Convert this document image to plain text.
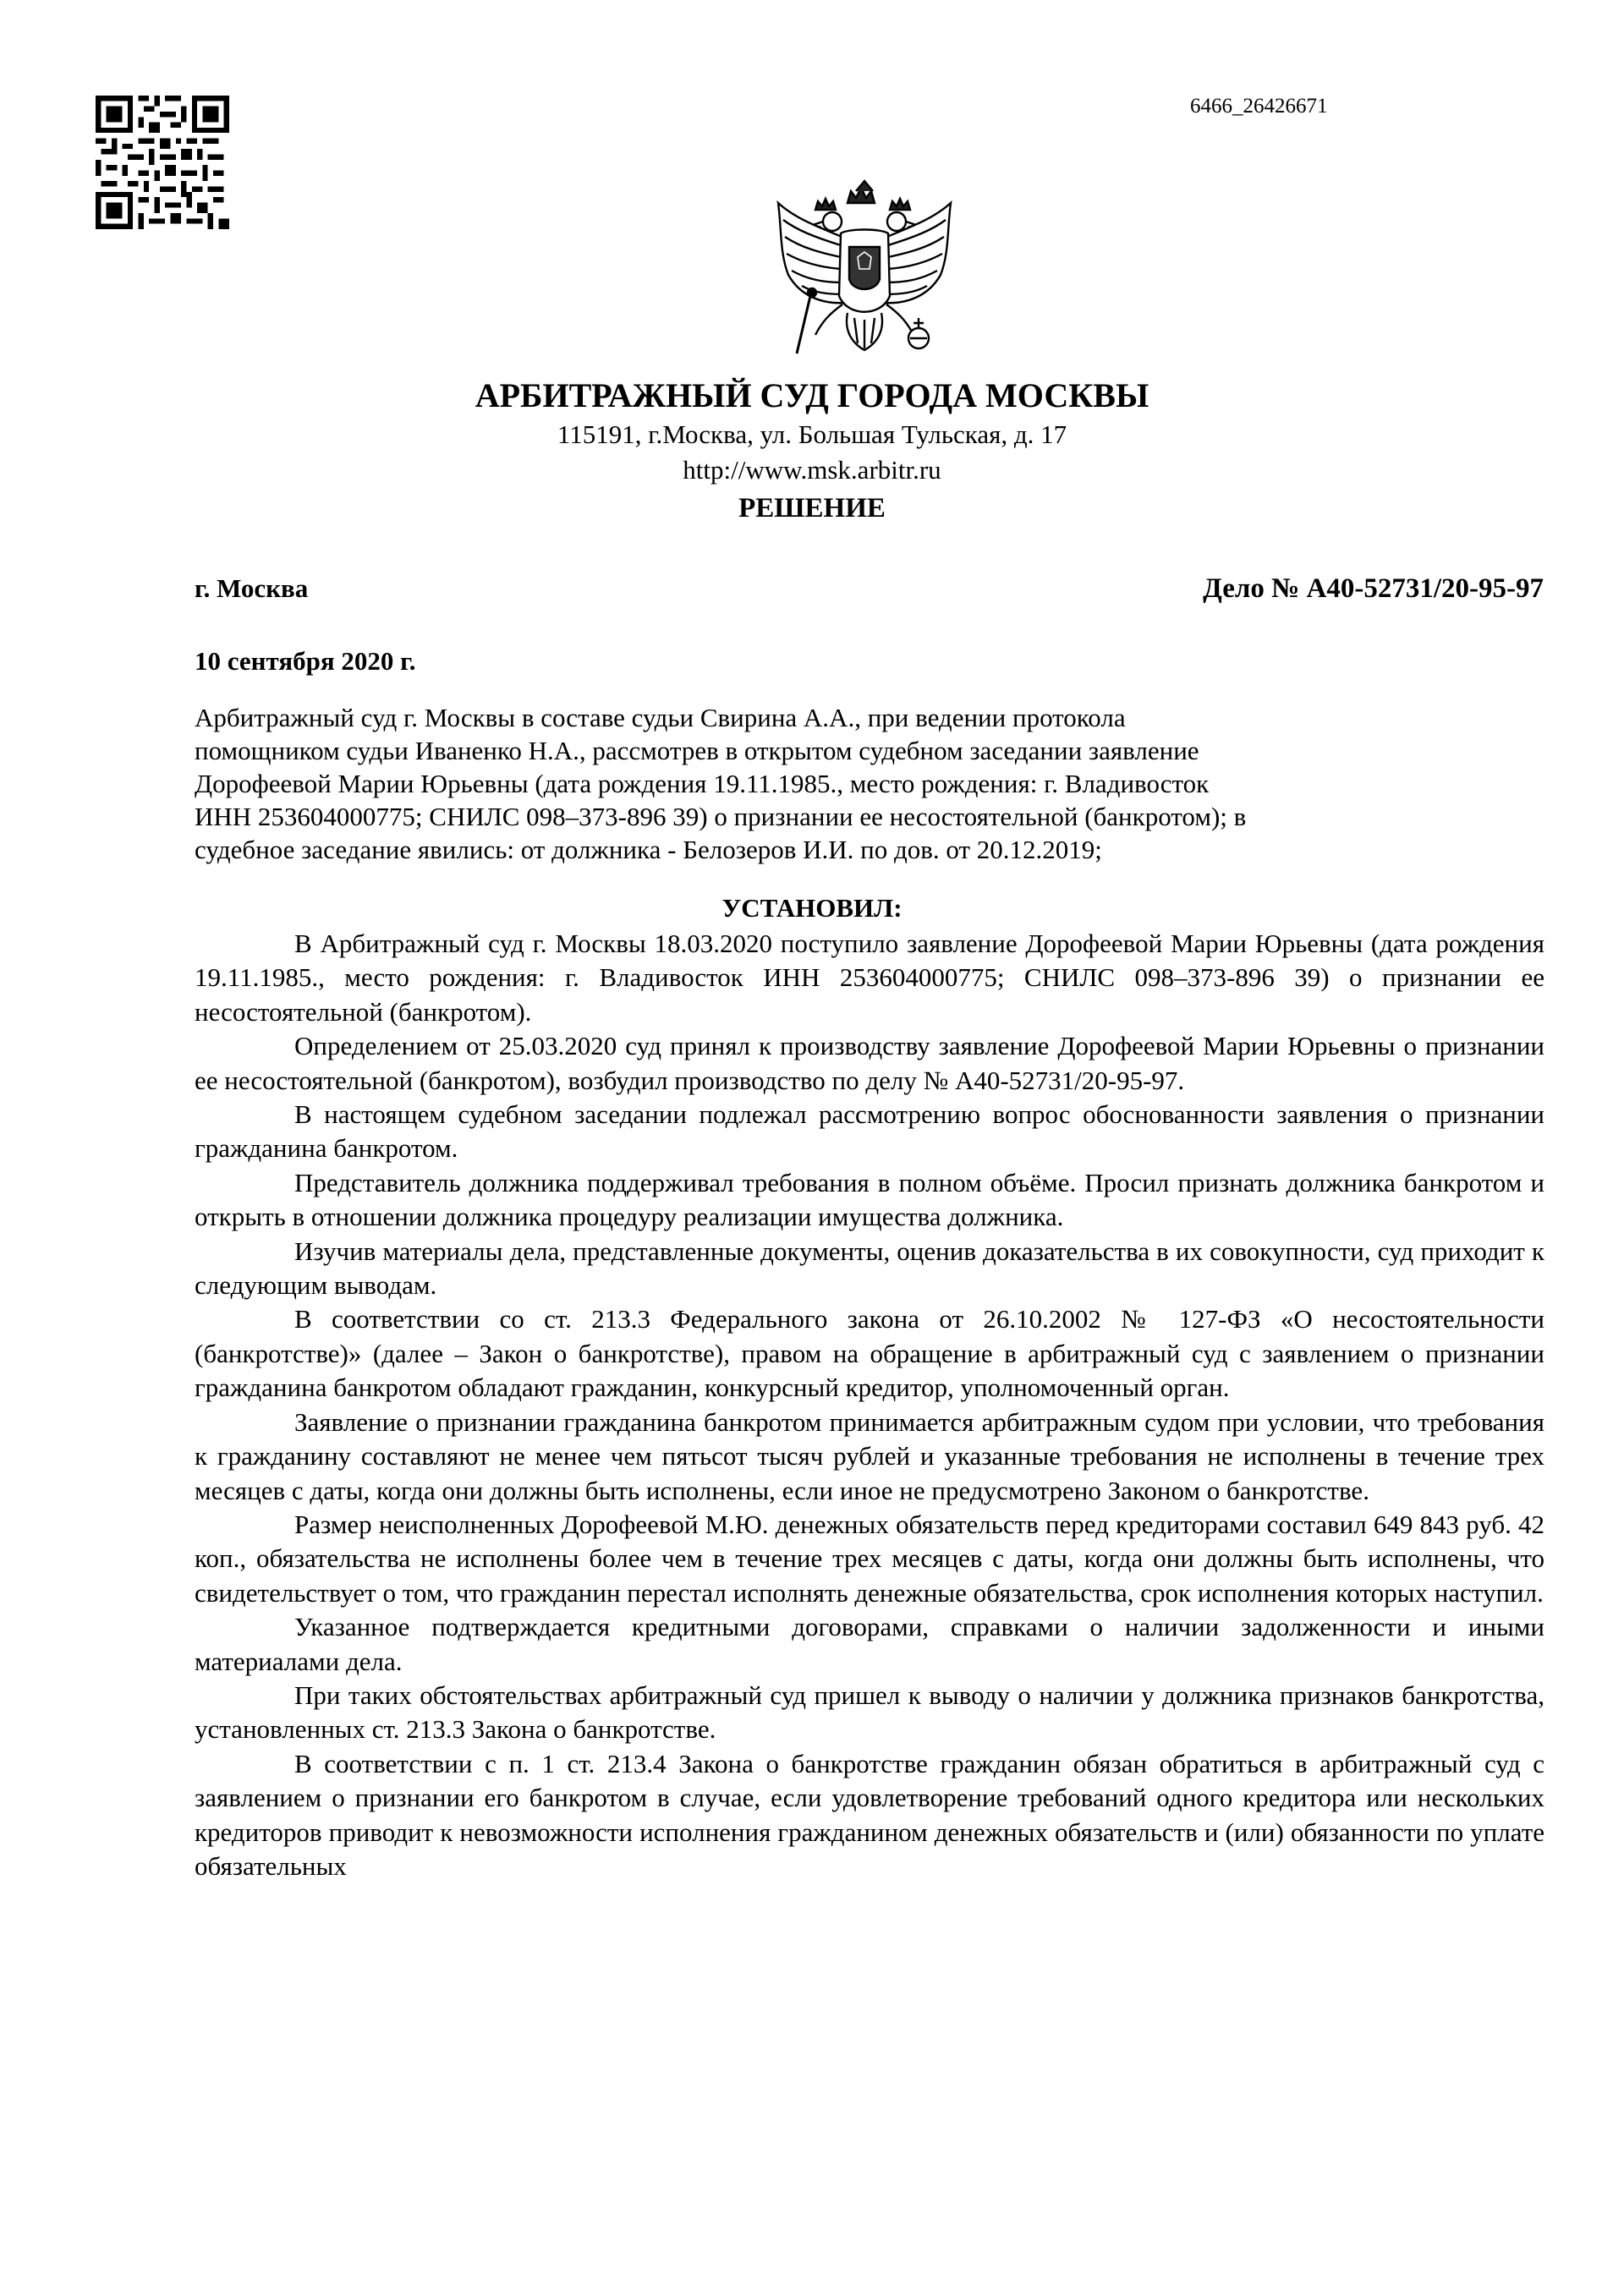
6466_26426671
АРБИТРАЖНЫЙ СУД ГОРОДА МОСКВЫ
115191, г.Москва, ул. Большая Тульская, д. 17
http://www.msk.arbitr.ru
РЕШЕНИЕ
г. Москва	Дело № А40-52731/20-95-97
10 сентября 2020 г.
Арбитражный суд г. Москвы в составе судьи Свирина А.А., при ведении протокола
помощником судьи Иваненко Н.А., рассмотрев в открытом судебном заседании заявление
Дорофеевой Марии Юрьевны (дата рождения 19.11.1985., место рождения: г. Владивосток
ИНН 253604000775; СНИЛС 098–373-896 39) о признании ее несостоятельной (банкротом); в
судебное заседание явились: от должника - Белозеров И.И. по дов. от 20.12.2019;
УСТАНОВИЛ:

В Арбитражный суд г. Москвы 18.03.2020 поступило заявление Дорофеевой Марии Юрьевны (дата рождения 19.11.1985., место рождения: г. Владивосток ИНН 253604000775; СНИЛС 098–373-896 39) о признании ее несостоятельной (банкротом).

Определением от 25.03.2020 суд принял к производству заявление Дорофеевой Марии Юрьевны о признании ее несостоятельной (банкротом), возбудил производство по делу № А40-52731/20-95-97.

В настоящем судебном заседании подлежал рассмотрению вопрос обоснованности заявления о признании гражданина банкротом.

Представитель должника поддерживал требования в полном объёме. Просил признать должника банкротом и открыть в отношении должника процедуру реализации имущества должника.

Изучив материалы дела, представленные документы, оценив доказательства в их совокупности, суд приходит к следующим выводам.

В соответствии со ст. 213.3 Федерального закона от 26.10.2002 № 127-ФЗ «О несостоятельности (банкротстве)» (далее – Закон о банкротстве), правом на обращение в арбитражный суд с заявлением о признании гражданина банкротом обладают гражданин, конкурсный кредитор, уполномоченный орган.

Заявление о признании гражданина банкротом принимается арбитражным судом при условии, что требования к гражданину составляют не менее чем пятьсот тысяч рублей и указанные требования не исполнены в течение трех месяцев с даты, когда они должны быть исполнены, если иное не предусмотрено Законом о банкротстве.

Размер неисполненных Дорофеевой М.Ю. денежных обязательств перед кредиторами составил 649 843 руб. 42 коп., обязательства не исполнены более чем в течение трех месяцев с даты, когда они должны быть исполнены, что свидетельствует о том, что гражданин перестал исполнять денежные обязательства, срок исполнения которых наступил.

Указанное подтверждается кредитными договорами, справками о наличии задолженности и иными материалами дела.

При таких обстоятельствах арбитражный суд пришел к выводу о наличии у должника признаков банкротства, установленных ст. 213.3 Закона о банкротстве.

В соответствии с п. 1 ст. 213.4 Закона о банкротстве гражданин обязан обратиться в арбитражный суд с заявлением о признании его банкротом в случае, если удовлетворение требований одного кредитора или нескольких кредиторов приводит к невозможности исполнения гражданином денежных обязательств и (или) обязанности по уплате обязательных
